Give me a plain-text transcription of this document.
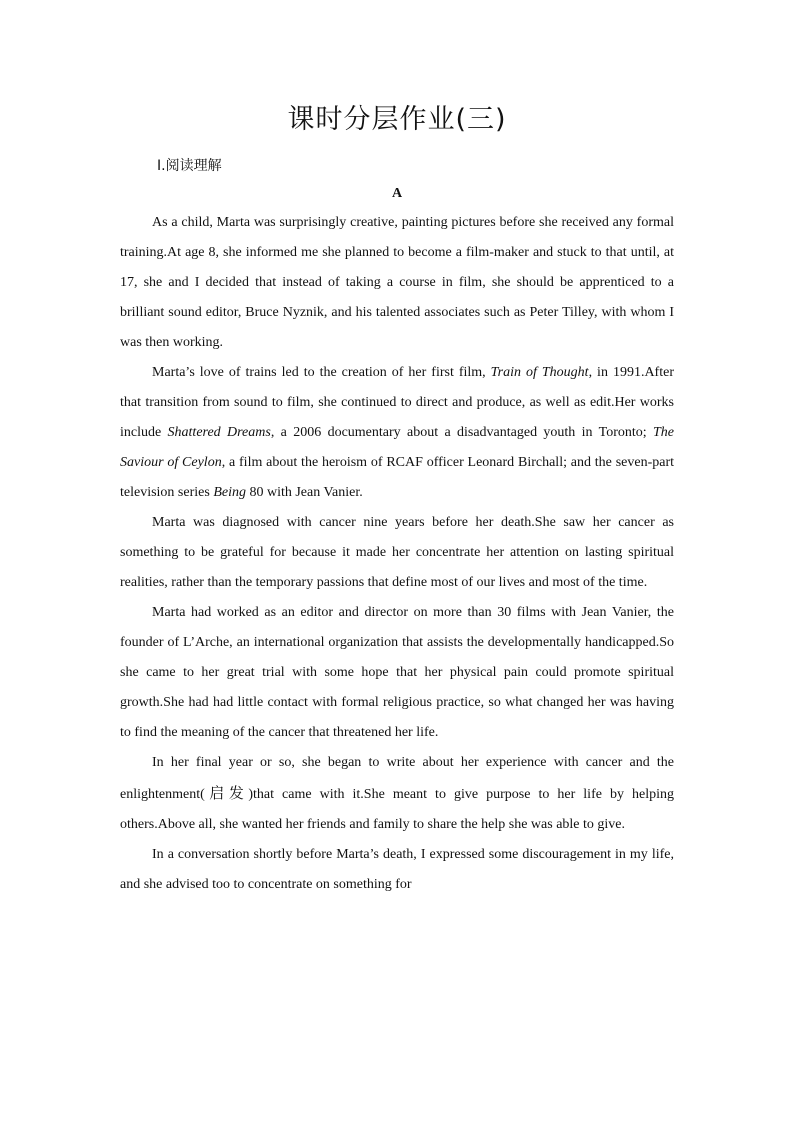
课时分层作业(三)
Ⅰ.阅读理解
A

As a child, Marta was surprisingly creative, painting pictures before she received any formal training.At age 8, she informed me she planned to become a film-maker and stuck to that until, at 17, she and I decided that instead of taking a course in film, she should be apprenticed to a brilliant sound editor, Bruce Nyznik, and his talented associates such as Peter Tilley, with whom I was then working.

Marta’s love of trains led to the creation of her first film, Train of Thought, in 1991.After that transition from sound to film, she continued to direct and produce, as well as edit.Her works include Shattered Dreams, a 2006 documentary about a disadvantaged youth in Toronto; The Saviour of Ceylon, a film about the heroism of RCAF officer Leonard Birchall; and the seven-part television series Being 80 with Jean Vanier.

Marta was diagnosed with cancer nine years before her death.She saw her cancer as something to be grateful for because it made her concentrate her attention on lasting spiritual realities, rather than the temporary passions that define most of our lives and most of the time.

Marta had worked as an editor and director on more than 30 films with Jean Vanier, the founder of L’Arche, an international organization that assists the developmentally handicapped.So she came to her great trial with some hope that her physical pain could promote spiritual growth.She had had little contact with formal religious practice, so what changed her was having to find the meaning of the cancer that threatened her life.

In her final year or so, she began to write about her experience with cancer and the enlightenment(启发)that came with it.She meant to give purpose to her life by helping others.Above all, she wanted her friends and family to share the help she was able to give.

In a conversation shortly before Marta’s death, I expressed some discouragement in my life, and she advised too to concentrate on something for
